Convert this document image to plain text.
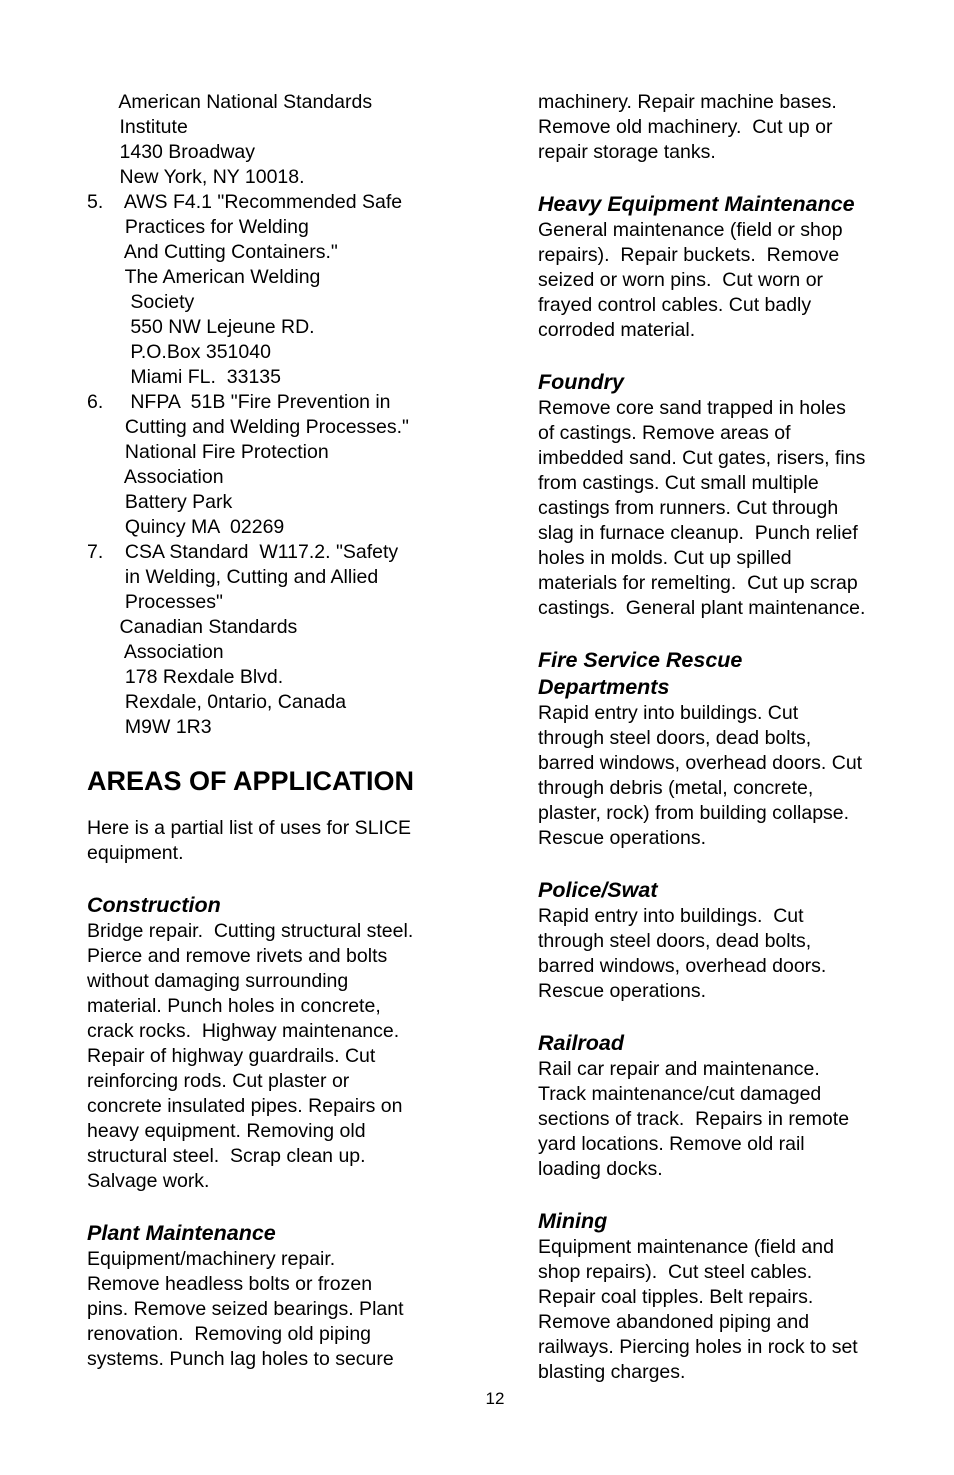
American National Standards
Institute
1430 Broadway
New York, NY 10018.
5.    AWS F4.1 "Recommended Safe
Practices for Welding
And Cutting Containers."
The American Welding
Society
550 NW Lejeune RD.
P.O.Box 351040
Miami FL.  33135
6.     NFPA  51B "Fire Prevention in
Cutting and Welding Processes."
National Fire Protection
Association
Battery Park
Quincy MA  02269
7.    CSA Standard  W117.2. "Safety
in Welding, Cutting and Allied
Processes"
Canadian Standards
Association
178 Rexdale Blvd.
Rexdale, 0ntario, Canada
M9W 1R3
AREAS OF APPLICATION
Here is a partial list of uses for SLICE
equipment.
Construction
Bridge repair.  Cutting structural steel.
Pierce and remove rivets and bolts
without damaging surrounding
material. Punch holes in concrete,
crack rocks.  Highway maintenance.
Repair of highway guardrails. Cut
reinforcing rods. Cut plaster or
concrete insulated pipes. Repairs on
heavy equipment. Removing old
structural steel.  Scrap clean up.
Salvage work.
Plant Maintenance
Equipment/machinery repair.
Remove headless bolts or frozen
pins. Remove seized bearings. Plant
renovation.  Removing old piping
systems. Punch lag holes to secure
machinery. Repair machine bases.
Remove old machinery.  Cut up or
repair storage tanks.
Heavy Equipment Maintenance
General maintenance (field or shop
repairs).  Repair buckets.  Remove
seized or worn pins.  Cut worn or
frayed control cables. Cut badly
corroded material.
Foundry
Remove core sand trapped in holes
of castings. Remove areas of
imbedded sand. Cut gates, risers, fins
from castings. Cut small multiple
castings from runners. Cut through
slag in furnace cleanup.  Punch relief
holes in molds. Cut up spilled
materials for remelting.  Cut up scrap
castings.  General plant maintenance.
Fire Service Rescue
Departments
Rapid entry into buildings. Cut
through steel doors, dead bolts,
barred windows, overhead doors. Cut
through debris (metal, concrete,
plaster, rock) from building collapse.
Rescue operations.
Police/Swat
Rapid entry into buildings.  Cut
through steel doors, dead bolts,
barred windows, overhead doors.
Rescue operations.
Railroad
Rail car repair and maintenance.
Track maintenance/cut damaged
sections of track.  Repairs in remote
yard locations. Remove old rail
loading docks.
Mining
Equipment maintenance (field and
shop repairs).  Cut steel cables.
Repair coal tipples. Belt repairs.
Remove abandoned piping and
railways. Piercing holes in rock to set
blasting charges.
12
